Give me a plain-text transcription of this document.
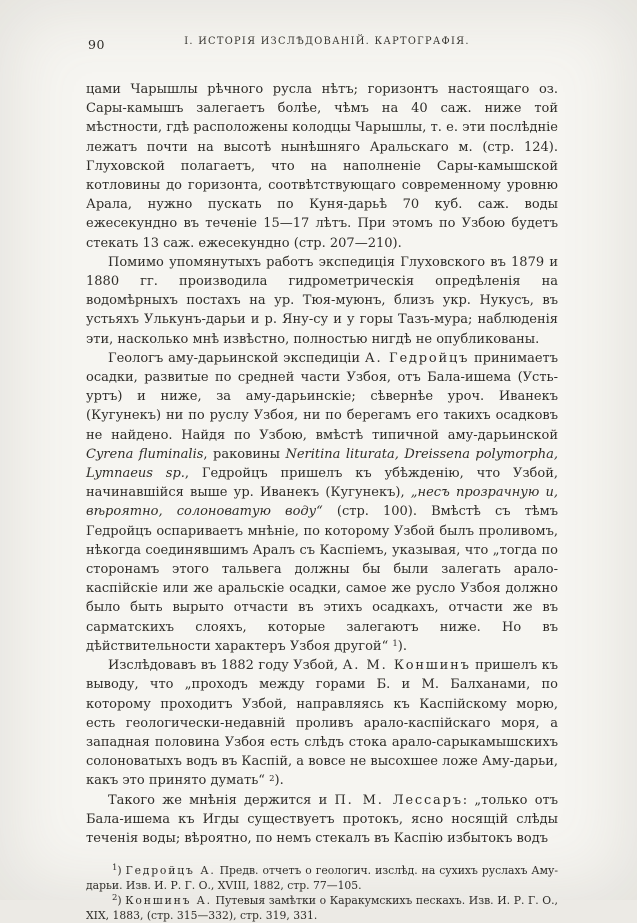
90	I. ИСТОРІЯ ИЗСЛѢДОВАНІЙ. КАРТОГРАФІЯ.

цами Чарышлы рѣчного русла нѣтъ; горизонтъ настоящаго оз. Сары-камышъ залегаетъ болѣе, чѣмъ на 40 саж. ниже той мѣстности, гдѣ расположены колодцы Чарышлы, т. е. эти послѣдніе лежатъ почти на высотѣ нынѣшняго Аральскаго м. (стр. 124). Глуховской полагаетъ, что на наполненіе Сары-камышской котловины до горизонта, соотвѣтствующаго современному уровню Арала, нужно пускать по Куня-дарьѣ 70 куб. саж. воды ежесекундно въ теченіе 15—17 лѣтъ. При этомъ по Узбою будетъ стекать 13 саж. ежесекундно (стр. 207—210).

Помимо упомянутыхъ работъ экспедиція Глуховского въ 1879 и 1880 гг. производила гидрометрическія опредѣленія на водомѣрныхъ постахъ на ур. Тюя-муюнъ, близъ укр. Нукусъ, въ устьяхъ Улькунъ-дарьи и р. Яну-су и у горы Тазъ-мура; наблюденія эти, насколько мнѣ извѣстно, полностью нигдѣ не опубликованы.

Геологъ аму-дарьинской экспедиціи А. Гедройцъ принимаетъ осадки, развитые по средней части Узбоя, отъ Бала-ишема (Усть-уртъ) и ниже, за аму-дарьинскіе; сѣвернѣе уроч. Иванекъ (Кугунекъ) ни по руслу Узбоя, ни по берегамъ его такихъ осадковъ не найдено. Найдя по Узбою, вмѣстѣ типичной аму-дарьинской Cyrena fluminalis, раковины Neritina liturata, Dreissena polymorpha, Lymnaeus sp., Гедройцъ пришелъ къ убѣжденію, что Узбой, начинавшійся выше ур. Иванекъ (Кугунекъ), „несъ прозрачную и, вѣроятно, солоноватую воду“ (стр. 100). Вмѣстѣ съ тѣмъ Гедройцъ оспариваетъ мнѣніе, по которому Узбой былъ проливомъ, нѣкогда соединявшимъ Аралъ съ Каспіемъ, указывая, что „тогда по сторонамъ этого тальвега должны бы были залегать арало-каспійскіе или же аральскіе осадки, самое же русло Узбоя должно было быть вырыто отчасти въ этихъ осадкахъ, отчасти же въ сарматскихъ слояхъ, которые залегаютъ ниже. Но въ дѣйствительности характеръ Узбоя другой“ $^1$).

Изслѣдовавъ въ 1882 году Узбой, А. М. Коншинъ пришелъ къ выводу, что „проходъ между горами Б. и М. Балханами, по которому проходитъ Узбой, направляясь къ Каспійскому морю, есть геологически-недавній проливъ арало-каспійскаго моря, а западная половина Узбоя есть слѣдъ стока арало-сарыкамышскихъ солоноватыхъ водъ въ Каспій, а вовсе не высохшее ложе Аму-дарьи, какъ это принято думать“ $^2$).

Такого же мнѣнія держится и П. М. Лессаръ: „только отъ Бала-ишема къ Игды существуетъ протокъ, ясно носящій слѣды теченія воды; вѣроятно, по немъ стекалъ въ Каспію избытокъ водъ

$^1$) Гедройцъ А. Предв. отчетъ о геологич. изслѣд. на сухихъ руслахъ Аму-дарьи. Изв. И. Р. Г. О., XVIII, 1882, стр. 77—105.

$^2$) Коншинъ А. Путевыя замѣтки о Каракумскихъ пескахъ. Изв. И. Р. Г. О., XIX, 1883, (стр. 315—332), стр. 319, 331.
